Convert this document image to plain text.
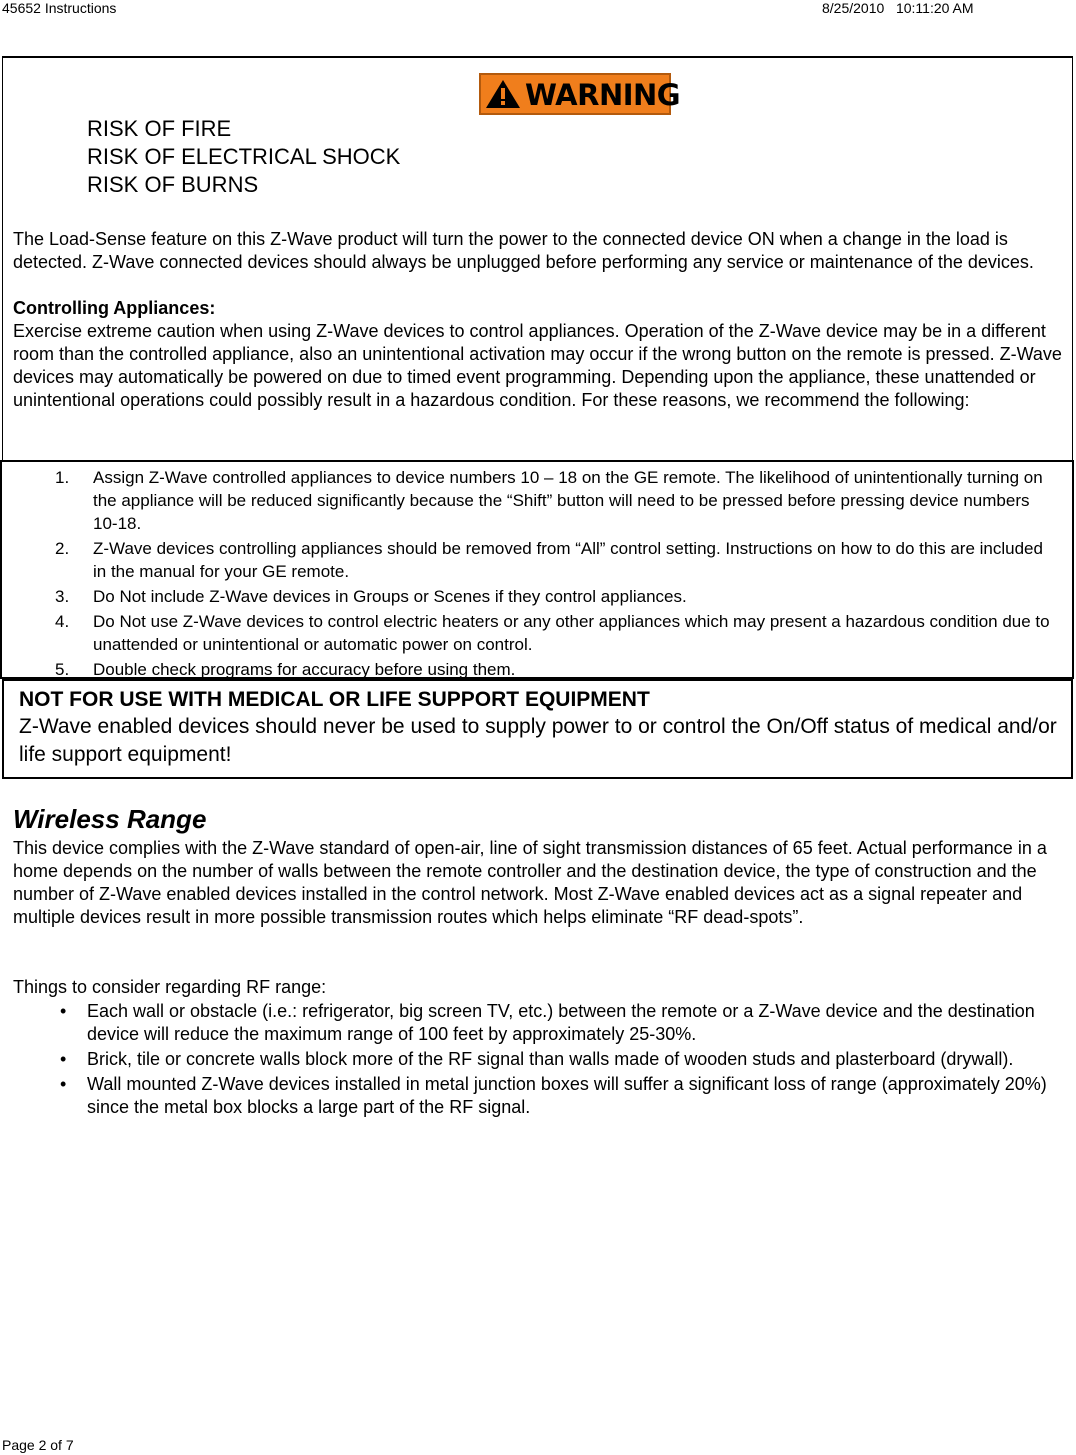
45652 Instructions	8/25/2010   10:11:20 AM
WARNING
RISK OF FIRE
RISK OF ELECTRICAL SHOCK
RISK OF BURNS
The Load-Sense feature on this Z-Wave product will turn the power to the connected device ON when a change in the load is detected. Z-Wave connected devices should always be unplugged before performing any service or maintenance of the devices.
Controlling Appliances:
Exercise extreme caution when using Z-Wave devices to control appliances. Operation of the Z-Wave device may be in a different room than the controlled appliance, also an unintentional activation may occur if the wrong button on the remote is pressed. Z-Wave devices may automatically be powered on due to timed event programming. Depending upon the appliance, these unattended or unintentional operations could possibly result in a hazardous condition. For these reasons, we recommend the following:
1.	Assign Z-Wave controlled appliances to device numbers 10 – 18 on the GE remote. The likelihood of unintentionally turning on the appliance will be reduced significantly because the “Shift” button will need to be pressed before pressing device numbers 10-18.
2.	Z-Wave devices controlling appliances should be removed from “All” control setting. Instructions on how to do this are included in the manual for your GE remote.
3.	Do Not include Z-Wave devices in Groups or Scenes if they control appliances.
4.	Do Not use Z-Wave devices to control electric heaters or any other appliances which may present a hazardous condition due to unattended or unintentional or automatic power on control.
5.	Double check programs for accuracy before using them.
NOT FOR USE WITH MEDICAL OR LIFE SUPPORT EQUIPMENT
Z-Wave enabled devices should never be used to supply power to or control the On/Off status of medical and/or life support equipment!
Wireless Range
This device complies with the Z-Wave standard of open-air, line of sight transmission distances of 65 feet. Actual performance in a home depends on the number of walls between the remote controller and the destination device, the type of construction and the number of Z-Wave enabled devices installed in the control network. Most Z-Wave enabled devices act as a signal repeater and multiple devices result in more possible transmission routes which helps eliminate “RF dead-spots”.
Things to consider regarding RF range:
•	Each wall or obstacle (i.e.: refrigerator, big screen TV, etc.) between the remote or a Z-Wave device and the destination device will reduce the maximum range of 100 feet by approximately 25-30%.
•	Brick, tile or concrete walls block more of the RF signal than walls made of wooden studs and plasterboard (drywall).
•	Wall mounted Z-Wave devices installed in metal junction boxes will suffer a significant loss of range (approximately 20%) since the metal box blocks a large part of the RF signal.
Page 2 of 7
